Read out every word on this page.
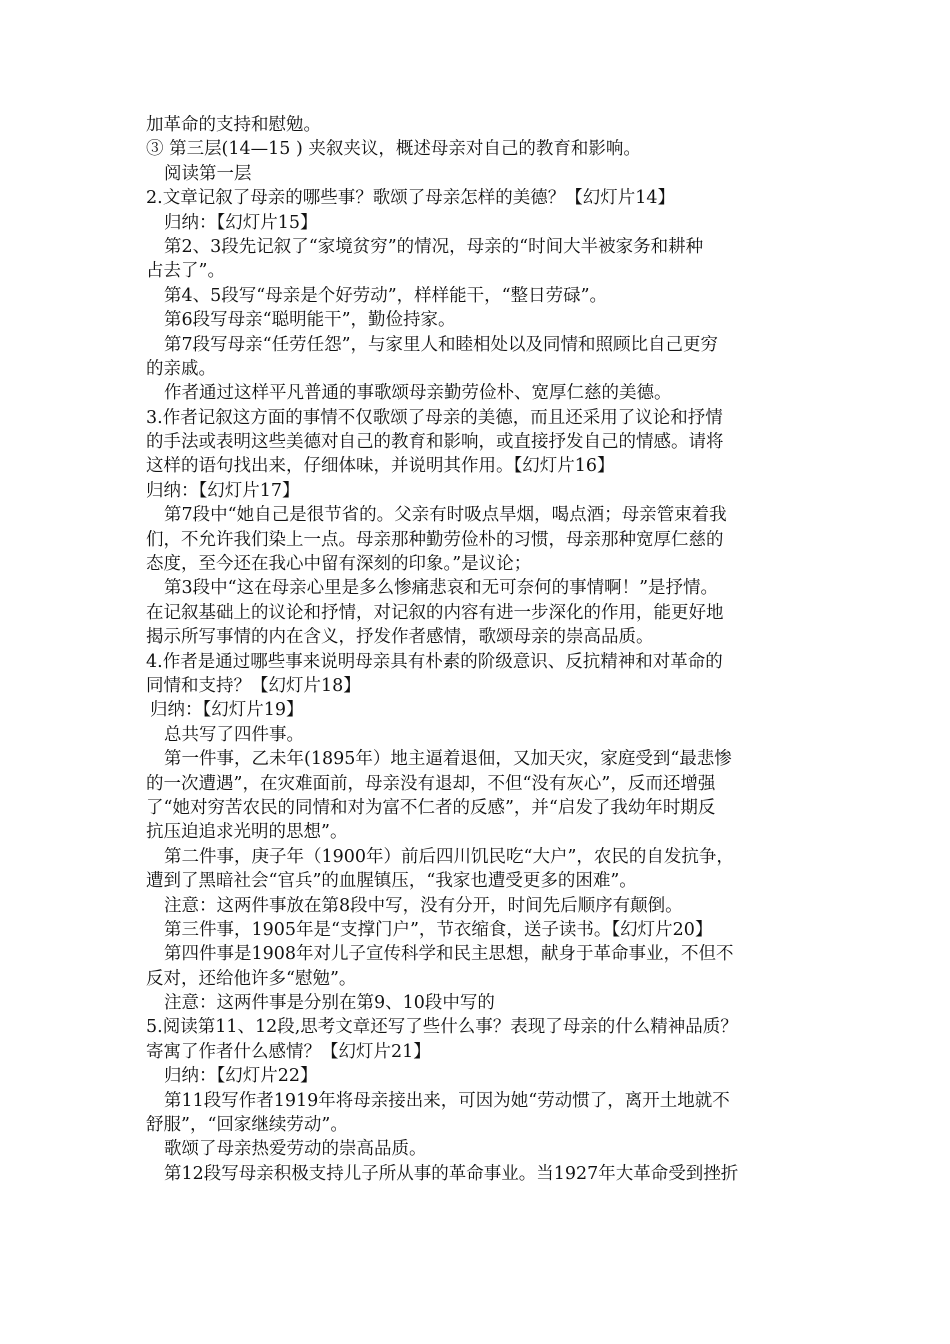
加革命的支持和慰勉。
③ 第三层(14—15 ) 夹叙夹议，概述母亲对自己的教育和影响。
阅读第一层
2.文章记叙了母亲的哪些事？歌颂了母亲怎样的美德？【幻灯片14】
归纳：【幻灯片15】
第2、3段先记叙了“家境贫穷”的情况，母亲的“时间大半被家务和耕种
占去了”。
第4、5段写“母亲是个好劳动”，样样能干，“整日劳碌”。
第6段写母亲“聪明能干”，勤俭持家。
第7段写母亲“任劳任怨”，与家里人和睦相处以及同情和照顾比自己更穷
的亲戚。
作者通过这样平凡普通的事歌颂母亲勤劳俭朴、宽厚仁慈的美德。
3.作者记叙这方面的事情不仅歌颂了母亲的美德，而且还采用了议论和抒情
的手法或表明这些美德对自己的教育和影响，或直接抒发自己的情感。请将
这样的语句找出来，仔细体味，并说明其作用。【幻灯片16】
归纳：【幻灯片17】
第7段中“她自己是很节省的。父亲有时吸点旱烟，喝点酒；母亲管束着我
们，不允许我们染上一点。母亲那种勤劳俭朴的习惯，母亲那种宽厚仁慈的
态度，至今还在我心中留有深刻的印象。”是议论；
第3段中“这在母亲心里是多么惨痛悲哀和无可奈何的事情啊！”是抒情。
在记叙基础上的议论和抒情，对记叙的内容有进一步深化的作用，能更好地
揭示所写事情的内在含义，抒发作者感情，歌颂母亲的崇高品质。
4.作者是通过哪些事来说明母亲具有朴素的阶级意识、反抗精神和对革命的
同情和支持？【幻灯片18】
归纳：【幻灯片19】
总共写了四件事。
第一件事，乙未年(1895年）地主逼着退佃，又加天灾，家庭受到“最悲惨
的一次遭遇”，在灾难面前，母亲没有退却，不但“没有灰心”，反而还增强
了“她对穷苦农民的同情和对为富不仁者的反感”，并“启发了我幼年时期反
抗压迫追求光明的思想”。
第二件事，庚子年（1900年）前后四川饥民吃“大户”，农民的自发抗争，
遭到了黑暗社会“官兵”的血腥镇压，“我家也遭受更多的困难”。
注意：这两件事放在第8段中写，没有分开，时间先后顺序有颠倒。
第三件事，1905年是“支撑门户”，节衣缩食，送子读书。【幻灯片20】
第四件事是1908年对儿子宣传科学和民主思想，献身于革命事业，不但不
反对，还给他许多“慰勉”。
注意：这两件事是分别在第9、10段中写的
5.阅读第11、12段,思考文章还写了些什么事？表现了母亲的什么精神品质？
寄寓了作者什么感情？【幻灯片21】
归纳：【幻灯片22】
第11段写作者1919年将母亲接出来，可因为她“劳动惯了，离开土地就不
舒服”，“回家继续劳动”。
歌颂了母亲热爱劳动的崇高品质。
第12段写母亲积极支持儿子所从事的革命事业。当1927年大革命受到挫折
